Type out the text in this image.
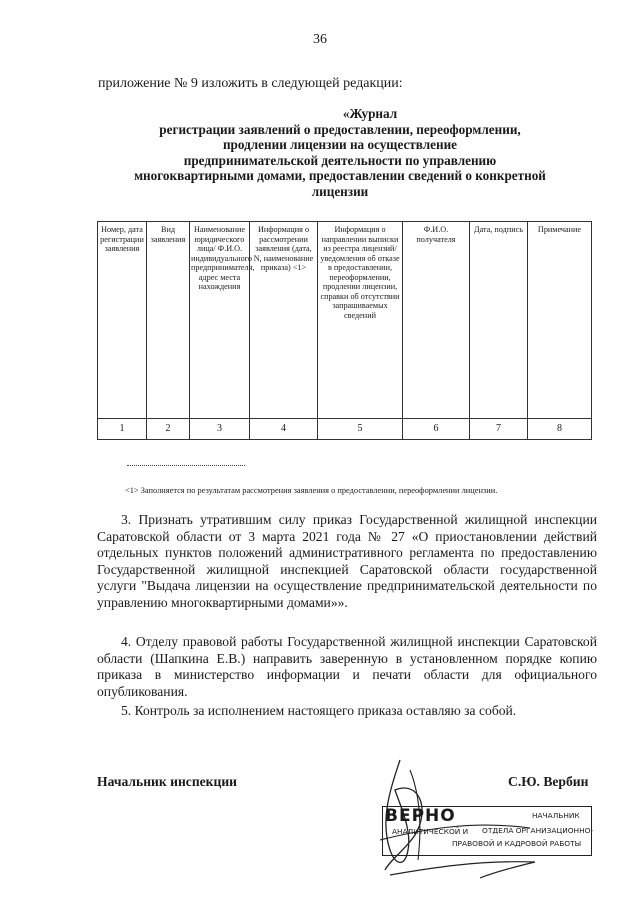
36
приложение № 9 изложить в следующей редакции:
«Журнал
регистрации заявлений о предоставлении, переоформлении,
продлении лицензии на осуществление
предпринимательской деятельности по управлению
многоквартирными домами, предоставлении сведений о конкретной
лицензии
Номер, дата регистрации заявления	Вид заявления	Наименование юридического лица/ Ф.И.О. индивидуального предпринимателя, адрес места нахождения	Информация о рассмотрении заявления (дата, N, наименование приказа) <1>	Информация о направлении выписки из реестра лицензий/ уведомления об отказе в предоставлении, переоформлении, продлении лицензии, справки об отсутствии запрашиваемых сведений	Ф.И.О. получателя	Дата, подпись	Примечание
1	2	3	4	5	6	7	8
<1> Заполняется по результатам рассмотрения заявления о предоставлении, переоформлении лицензии.
3. Признать утратившим силу приказ Государственной жилищной инспекции Саратовской области от 3 марта 2021 года № 27 «О приостановлении действий отдельных пунктов положений административного регламента по предоставлению Государственной жилищной инспекцией Саратовской области государственной услуги "Выдача лицензии на осуществление предпринимательской деятельности по управлению многоквартирными домами»».
4. Отделу правовой работы Государственной жилищной инспекции Саратовской области (Шапкина Е.В.) направить заверенную в установленном порядке копию приказа в министерство информации и печати области для официального опубликования.
5. Контроль за исполнением настоящего приказа оставляю за собой.
Начальник инспекции	С.Ю. Вербин
ВЕРНО	НАЧАЛЬНИК
ОТДЕЛА ОРГАНИЗАЦИОННО-
АНАЛИТИЧЕСКОЙ И
ПРАВОВОЙ И КАДРОВОЙ РАБОТЫ
